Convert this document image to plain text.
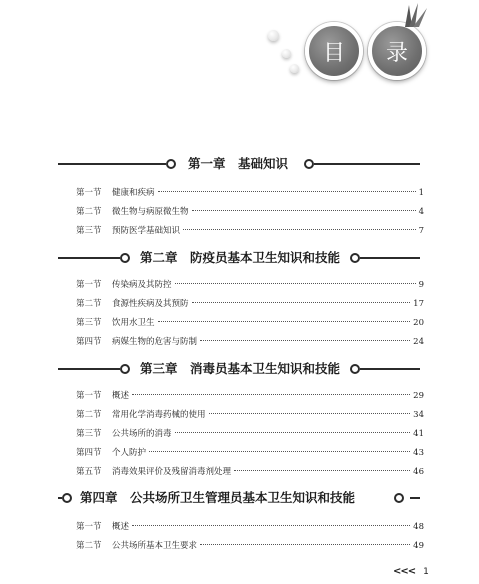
目 录
第一章　基础知识
第一节	健康和疾病	1
第二节	微生物与病原微生物	4
第三节	预防医学基础知识	7
第二章　防疫员基本卫生知识和技能
第一节	传染病及其防控	9
第二节	食源性疾病及其预防	17
第三节	饮用水卫生	20
第四节	病媒生物的危害与防制	24
第三章　消毒员基本卫生知识和技能
第一节	概述	29
第二节	常用化学消毒药械的使用	34
第三节	公共场所的消毒	41
第四节	个人防护	43
第五节	消毒效果评价及残留消毒剂处理	46
第四章　公共场所卫生管理员基本卫生知识和技能
第一节	概述	48
第二节	公共场所基本卫生要求	49
<<< 1
